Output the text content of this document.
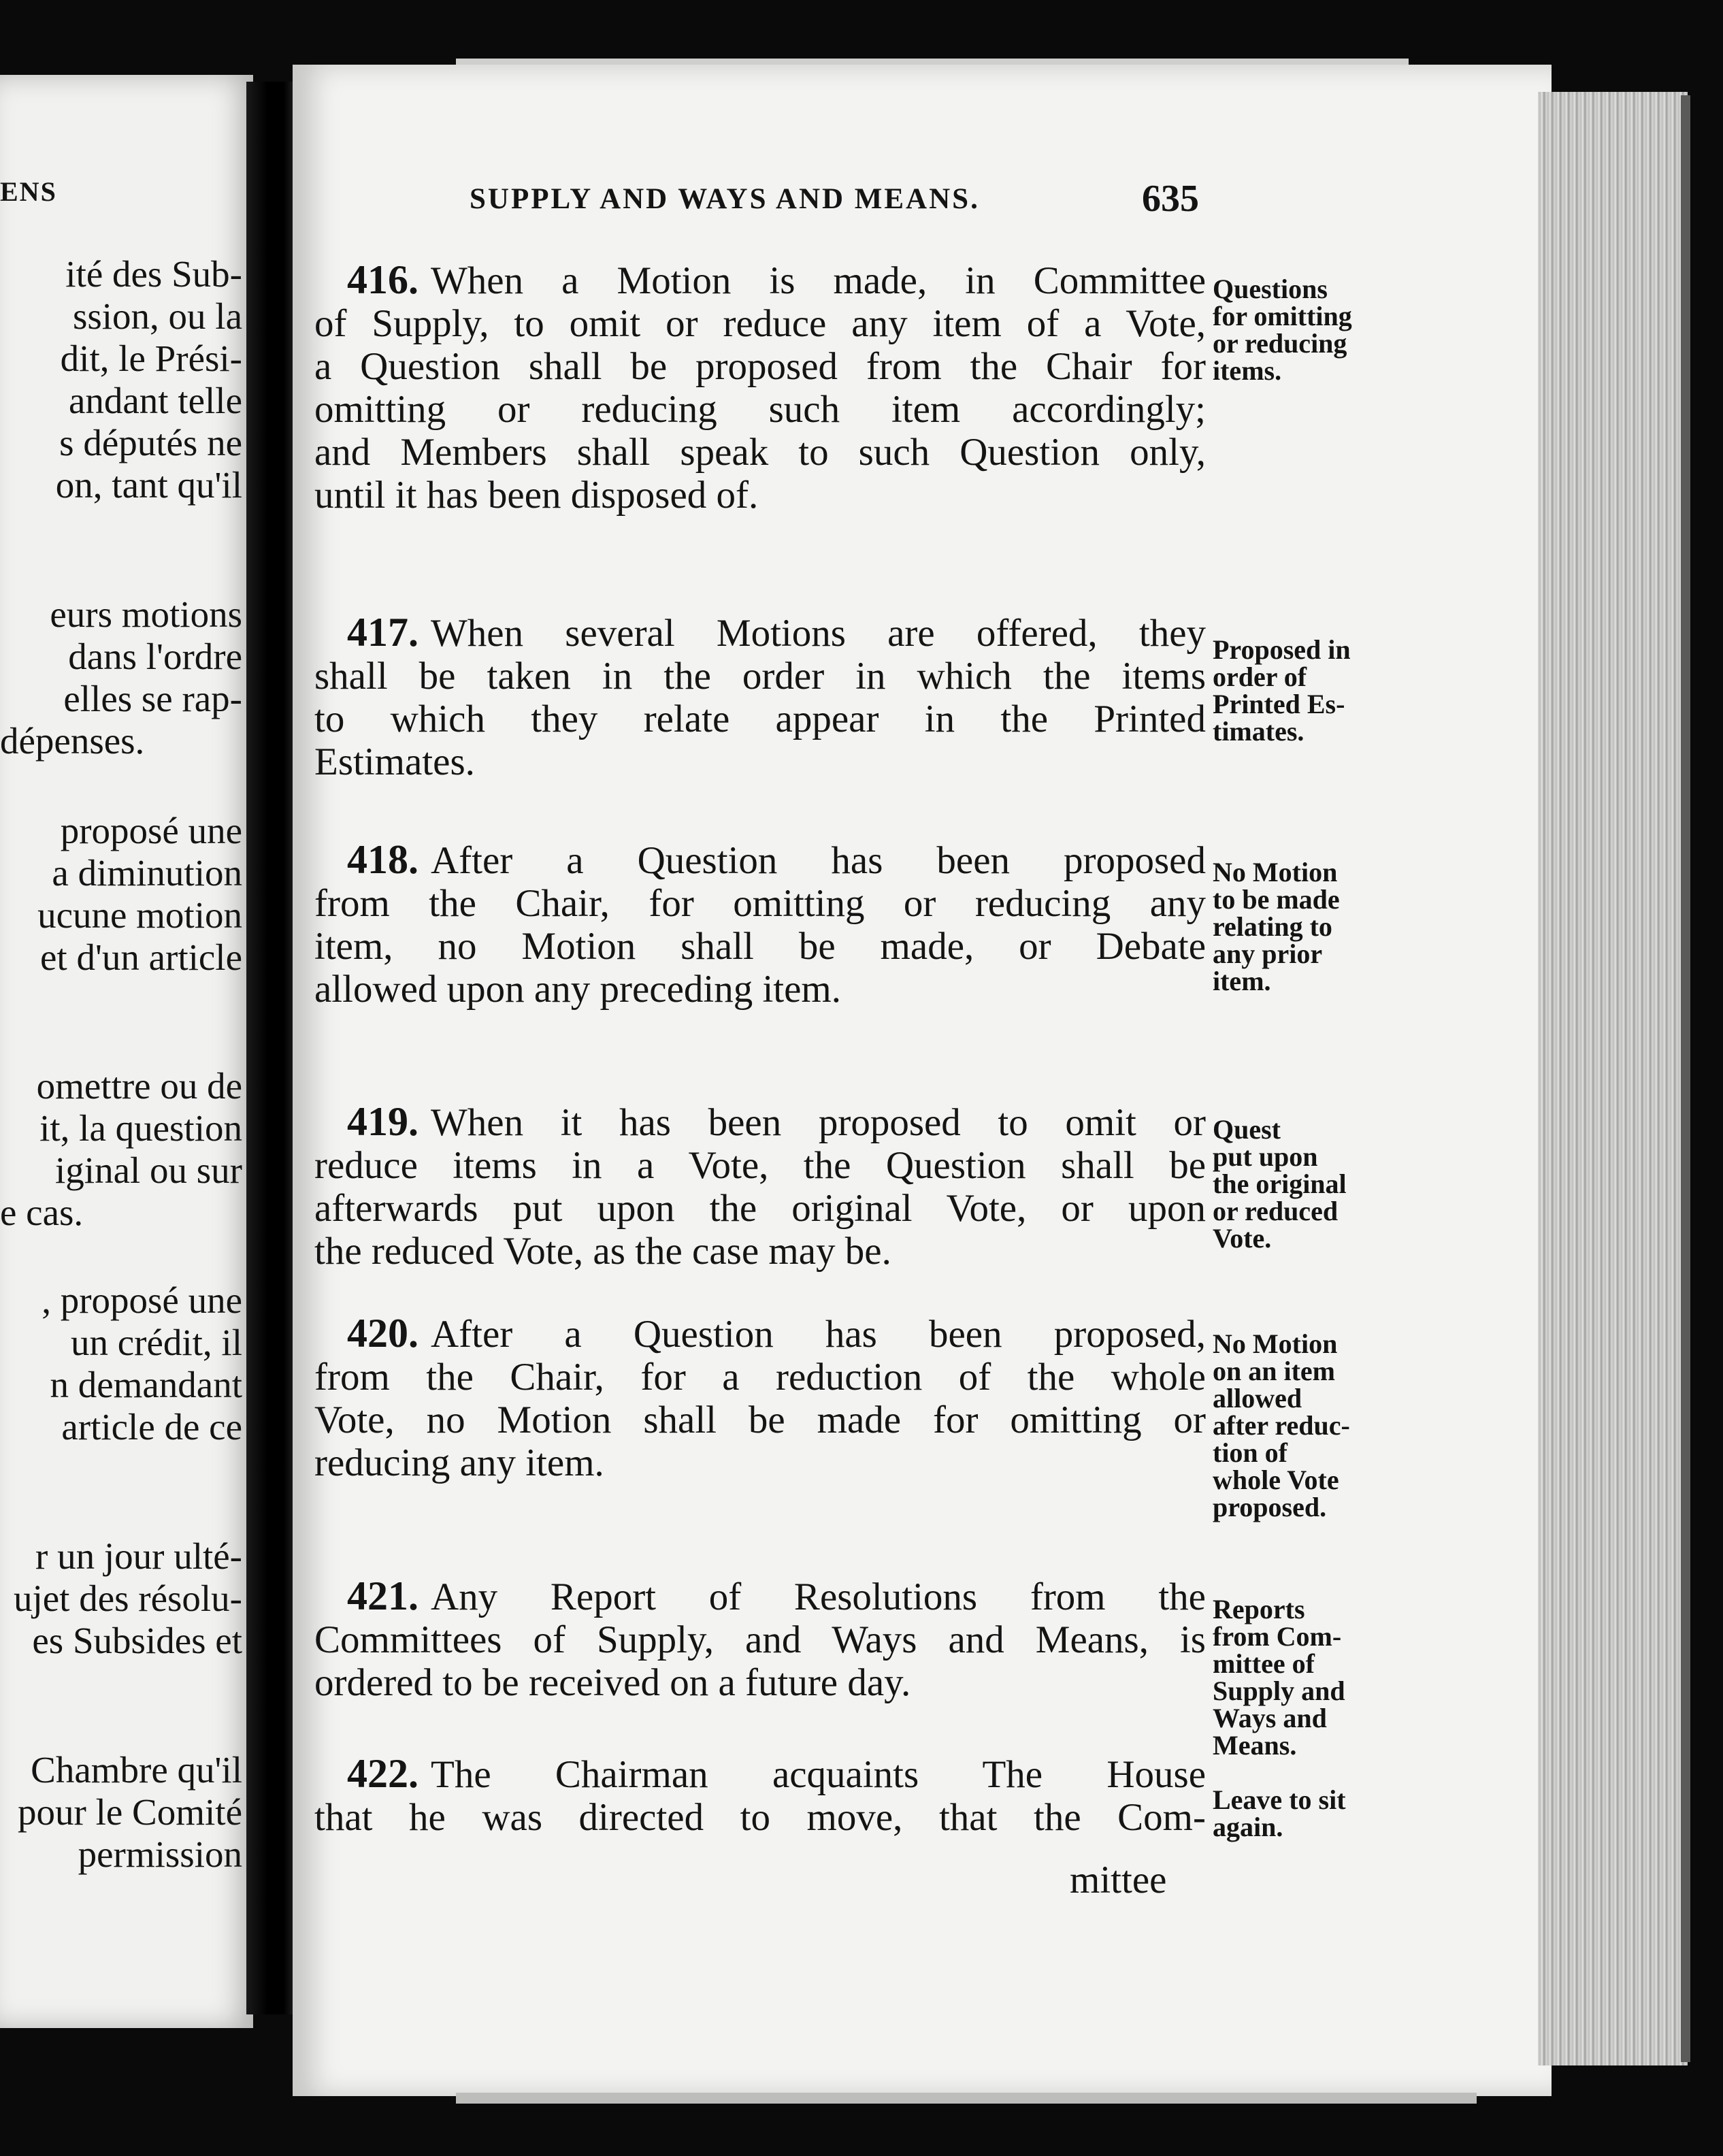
ENS
ité des Sub-
ssion, ou la
dit, le Prési-
andant telle
s députés ne
on, tant qu'il
eurs motions
dans l'ordre
elles se rap-
dépenses.
proposé une
a diminution
ucune motion
et d'un article
omettre ou de
it, la question
iginal ou sur
e cas.
, proposé une
un crédit, il
n demandant
article de ce
r un jour ulté-
ujet des résolu-
es Subsides et
Chambre qu'il
pour le Comité
permission
SUPPLY AND WAYS AND MEANS.	635
416. When a Motion is made, in Committee
of Supply, to omit or reduce any item of a Vote,
a Question shall be proposed from the Chair for
omitting or reducing such item accordingly;
and Members shall speak to such Question only,
until it has been disposed of.
Questions
for omitting
or reducing
items.
417. When several Motions are offered, they
shall be taken in the order in which the items
to which they relate appear in the Printed
Estimates.
Proposed in
order of
Printed Es-
timates.
418. After a Question has been proposed
from the Chair, for omitting or reducing any
item, no Motion shall be made, or Debate
allowed upon any preceding item.
No Motion
to be made
relating to
any prior
item.
419. When it has been proposed to omit or
reduce items in a Vote, the Question shall be
afterwards put upon the original Vote, or upon
the reduced Vote, as the case may be.
Quest
put upon
the original
or reduced
Vote.
420. After a Question has been proposed,
from the Chair, for a reduction of the whole
Vote, no Motion shall be made for omitting or
reducing any item.
No Motion
on an item
allowed
after reduc-
tion of
whole Vote
proposed.
421. Any Report of Resolutions from the
Committees of Supply, and Ways and Means, is
ordered to be received on a future day.
Reports
from Com-
mittee of
Supply and
Ways and
Means.
422. The Chairman acquaints The House
that he was directed to move, that the Com- Leave to sit
again.
mittee
